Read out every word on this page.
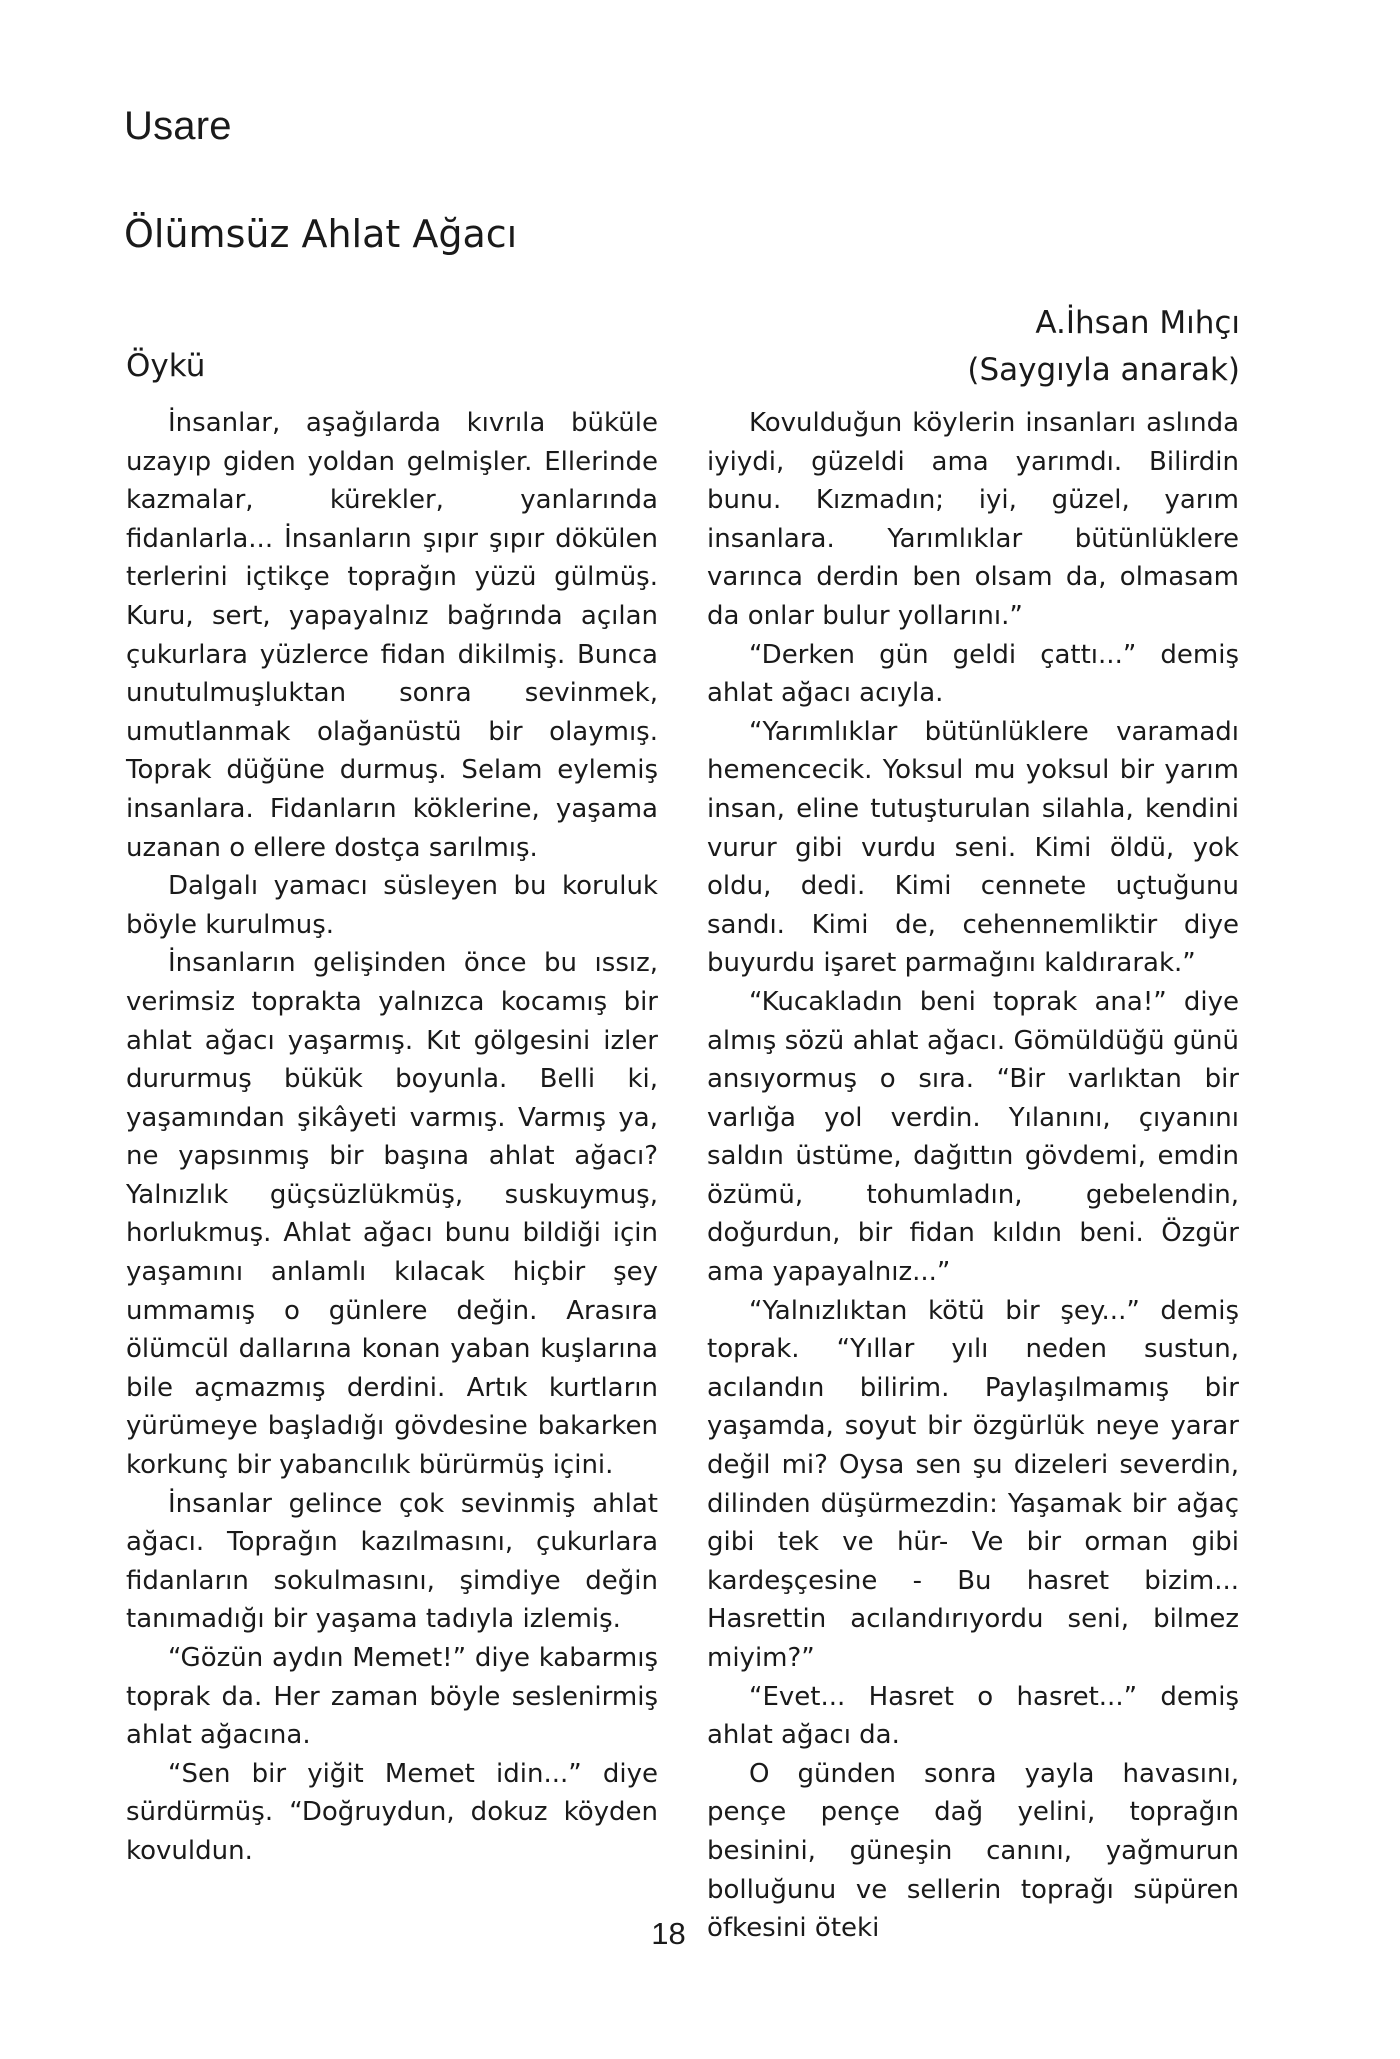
Usare
Ölümsüz Ahlat Ağacı
Öykü
A.İhsan Mıhçı
(Saygıyla anarak)

İnsanlar, aşağılarda kıvrıla büküle uzayıp giden yoldan gelmişler. Ellerinde kazmalar, kürekler, yanlarında fidanlarla... İnsanların şıpır şıpır dökülen terlerini içtikçe toprağın yüzü gülmüş. Kuru, sert, yapayalnız bağrında açılan çukurlara yüzlerce fidan dikilmiş. Bunca unutulmuşluktan sonra sevinmek, umutlanmak olağanüstü bir olaymış. Toprak düğüne durmuş. Selam eylemiş insanlara. Fidanların köklerine, yaşama uzanan o ellere dostça sarılmış.

Dalgalı yamacı süsleyen bu koruluk böyle kurulmuş.

İnsanların gelişinden önce bu ıssız, verimsiz toprakta yalnızca kocamış bir ahlat ağacı yaşarmış. Kıt gölgesini izler dururmuş bükük boyunla. Belli ki, yaşamından şikâyeti varmış. Varmış ya, ne yapsınmış bir başına ahlat ağacı? Yalnızlık güçsüzlükmüş, suskuymuş, horlukmuş. Ahlat ağacı bunu bildiği için yaşamını anlamlı kılacak hiçbir şey ummamış o günlere değin. Arasıra ölümcül dallarına konan yaban kuşlarına bile açmazmış derdini. Artık kurtların yürümeye başladığı gövdesine bakarken korkunç bir yabancılık bürürmüş içini.

İnsanlar gelince çok sevinmiş ahlat ağacı. Toprağın kazılmasını, çukurlara fidanların sokulmasını, şimdiye değin tanımadığı bir yaşama tadıyla izlemiş.

“Gözün aydın Memet!” diye kabarmış toprak da. Her zaman böyle seslenirmiş ahlat ağacına.

“Sen bir yiğit Memet idin...” diye sürdürmüş. “Doğruydun, dokuz köyden kovuldun.

Kovulduğun köylerin insanları aslında iyiydi, güzeldi ama yarımdı. Bilirdin bunu. Kızmadın; iyi, güzel, yarım insanlara. Yarımlıklar bütünlüklere varınca derdin ben olsam da, olmasam da onlar bulur yollarını.”

“Derken gün geldi çattı...” demiş ahlat ağacı acıyla.

“Yarımlıklar bütünlüklere varamadı hemencecik. Yoksul mu yoksul bir yarım insan, eline tutuşturulan silahla, kendini vurur gibi vurdu seni. Kimi öldü, yok oldu, dedi. Kimi cennete uçtuğunu sandı. Kimi de, cehennemliktir diye buyurdu işaret parmağını kaldırarak.”

“Kucakladın beni toprak ana!” diye almış sözü ahlat ağacı. Gömüldüğü günü ansıyormuş o sıra. “Bir varlıktan bir varlığa yol verdin. Yılanını, çıyanını saldın üstüme, dağıttın gövdemi, emdin özümü, tohumladın, gebelendin, doğurdun, bir fidan kıldın beni. Özgür ama yapayalnız...”

“Yalnızlıktan kötü bir şey...” demiş toprak. “Yıllar yılı neden sustun, acılandın bilirim. Paylaşılmamış bir yaşamda, soyut bir özgürlük neye yarar değil mi? Oysa sen şu dizeleri severdin, dilinden düşürmezdin: Yaşamak bir ağaç gibi tek ve hür- Ve bir orman gibi kardeşçesine - Bu hasret bizim... Hasrettin acılandırıyordu seni, bilmez miyim?”

“Evet... Hasret o hasret...” demiş ahlat ağacı da.

O günden sonra yayla havasını, pençe pençe dağ yelini, toprağın besinini, güneşin canını, yağmurun bolluğunu ve sellerin toprağı süpüren öfkesini öteki

18
